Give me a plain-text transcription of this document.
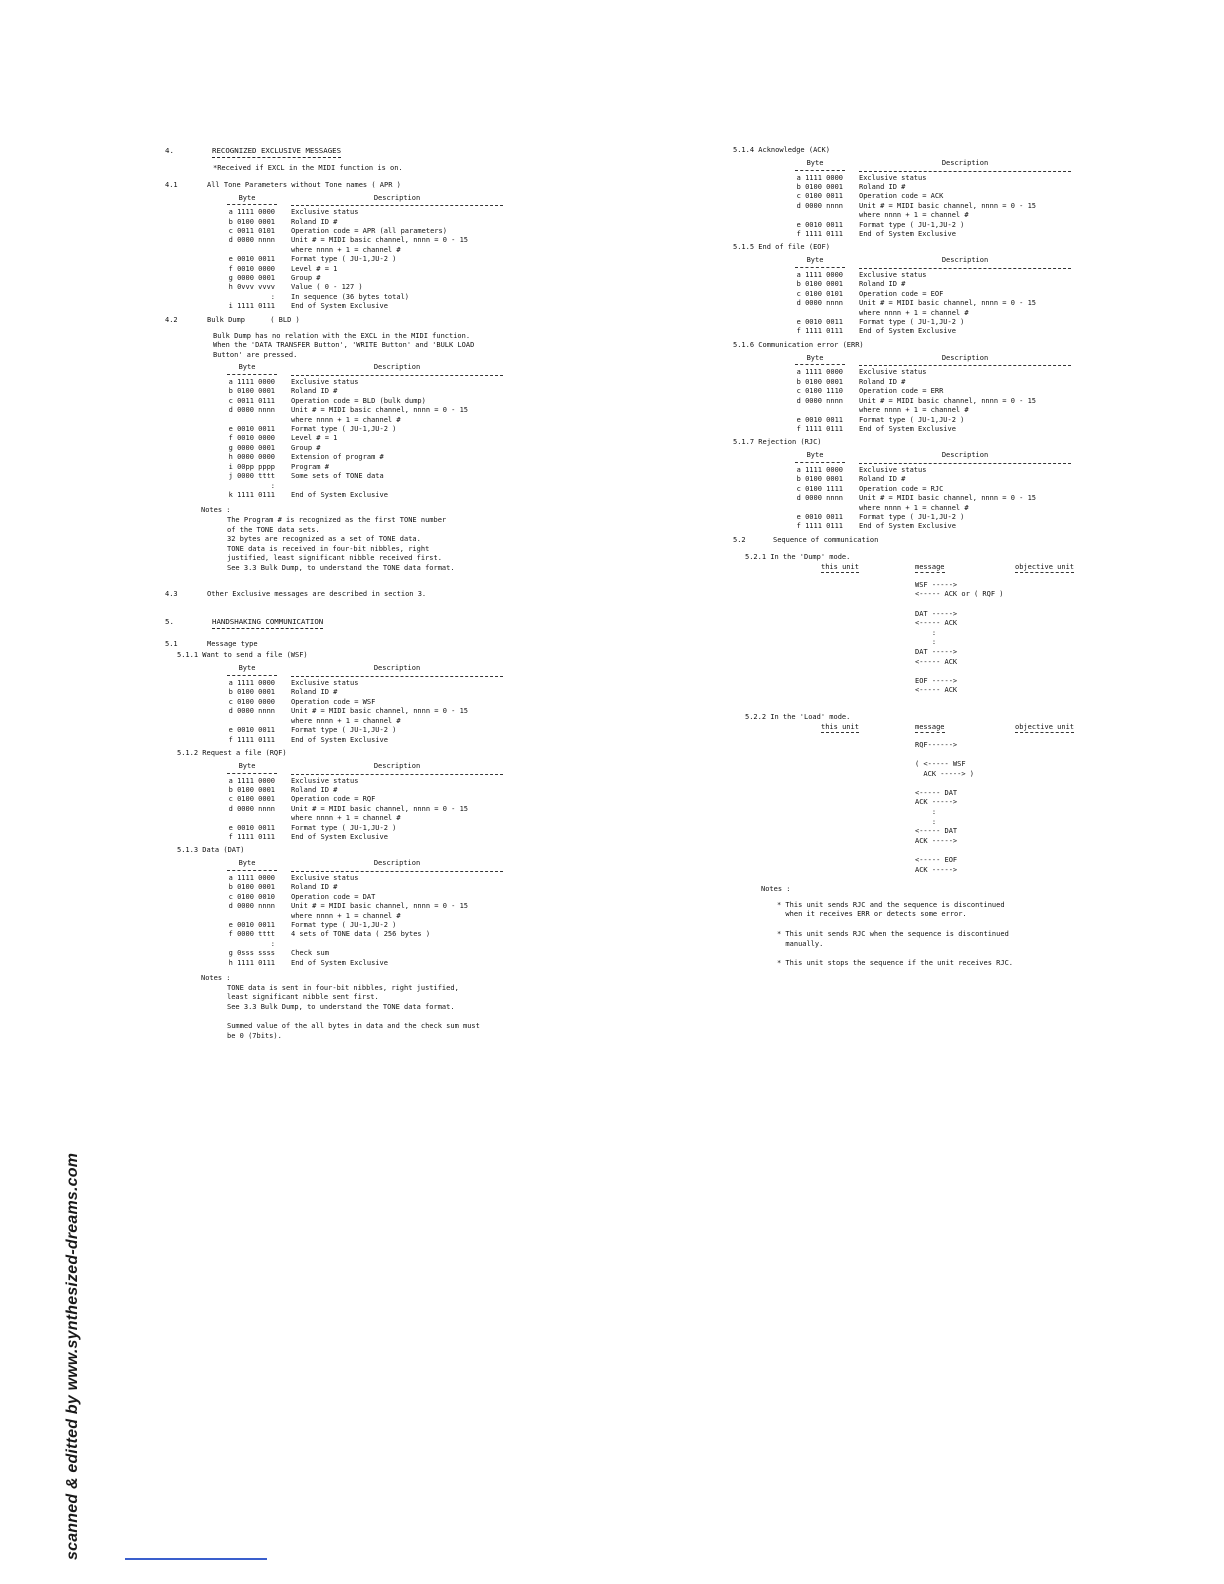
4.	RECOGNIZED EXCLUSIVE MESSAGES
*Received if EXCL in the MIDI function is on.
4.1	All Tone Parameters without Tone names ( APR )
Byte	Description

a 1111 0000	Exclusive status
b 0100 0001	Roland ID #
c 0011 0101	Operation code = APR (all parameters)
d 0000 nnnn	Unit # = MIDI basic channel, nnnn = 0 - 15
	where nnnn + 1 = channel #
e 0010 0011	Format type ( JU-1,JU-2 )
f 0010 0000	Level # = 1
g 0000 0001	Group #
h 0vvv vvvv	Value ( 0 - 127 )
:	In sequence (36 bytes total)
i 1111 0111	End of System Exclusive
4.2	Bulk Dump	( BLD )
Bulk Dump has no relation with the EXCL in the MIDI function.
When the 'DATA TRANSFER Button', 'WRITE Button' and 'BULK LOAD
Button' are pressed.
Byte	Description

a 1111 0000	Exclusive status
b 0100 0001	Roland ID #
c 0011 0111	Operation code = BLD (bulk dump)
d 0000 nnnn	Unit # = MIDI basic channel, nnnn = 0 - 15
	where nnnn + 1 = channel #
e 0010 0011	Format type ( JU-1,JU-2 )
f 0010 0000	Level # = 1
g 0000 0001	Group #
h 0000 0000	Extension of program #
i 00pp pppp	Program #
j 0000 tttt	Some sets of TONE data
:	
k 1111 0111	End of System Exclusive
Notes :
The Program # is recognized as the first TONE number
of the TONE data sets.
32 bytes are recognized as a set of TONE data.
TONE data is received in four-bit nibbles, right
justified, least significant nibble received first.
See 3.3 Bulk Dump, to understand the TONE data format.
4.3	Other Exclusive messages are described in section 3.
5.	HANDSHAKING COMMUNICATION
5.1	Message type
5.1.1 Want to send a file (WSF)
Byte	Description

a 1111 0000	Exclusive status
b 0100 0001	Roland ID #
c 0100 0000	Operation code = WSF
d 0000 nnnn	Unit # = MIDI basic channel, nnnn = 0 - 15
	where nnnn + 1 = channel #
e 0010 0011	Format type ( JU-1,JU-2 )
f 1111 0111	End of System Exclusive
5.1.2 Request a file (RQF)
Byte	Description

a 1111 0000	Exclusive status
b 0100 0001	Roland ID #
c 0100 0001	Operation code = RQF
d 0000 nnnn	Unit # = MIDI basic channel, nnnn = 0 - 15
	where nnnn + 1 = channel #
e 0010 0011	Format type ( JU-1,JU-2 )
f 1111 0111	End of System Exclusive
5.1.3 Data (DAT)
Byte	Description

a 1111 0000	Exclusive status
b 0100 0001	Roland ID #
c 0100 0010	Operation code = DAT
d 0000 nnnn	Unit # = MIDI basic channel, nnnn = 0 - 15
	where nnnn + 1 = channel #
e 0010 0011	Format type ( JU-1,JU-2 )
f 0000 tttt	4 sets of TONE data ( 256 bytes )
:	
g 0sss ssss	Check sum
h 1111 0111	End of System Exclusive
Notes :
TONE data is sent in four-bit nibbles, right justified,
least significant nibble sent first.
See 3.3 Bulk Dump, to understand the TONE data format.

Summed value of the all bytes in data and the check sum must
be 0 (7bits).
5.1.4 Acknowledge (ACK)
Byte	Description

a 1111 0000	Exclusive status
b 0100 0001	Roland ID #
c 0100 0011	Operation code = ACK
d 0000 nnnn	Unit # = MIDI basic channel, nnnn = 0 - 15
	where nnnn + 1 = channel #
e 0010 0011	Format type ( JU-1,JU-2 )
f 1111 0111	End of System Exclusive
5.1.5 End of file (EOF)
Byte	Description

a 1111 0000	Exclusive status
b 0100 0001	Roland ID #
c 0100 0101	Operation code = EOF
d 0000 nnnn	Unit # = MIDI basic channel, nnnn = 0 - 15
	where nnnn + 1 = channel #
e 0010 0011	Format type ( JU-1,JU-2 )
f 1111 0111	End of System Exclusive
5.1.6 Communication error (ERR)
Byte	Description

a 1111 0000	Exclusive status
b 0100 0001	Roland ID #
c 0100 1110	Operation code = ERR
d 0000 nnnn	Unit # = MIDI basic channel, nnnn = 0 - 15
	where nnnn + 1 = channel #
e 0010 0011	Format type ( JU-1,JU-2 )
f 1111 0111	End of System Exclusive
5.1.7 Rejection (RJC)
Byte	Description

a 1111 0000	Exclusive status
b 0100 0001	Roland ID #
c 0100 1111	Operation code = RJC
d 0000 nnnn	Unit # = MIDI basic channel, nnnn = 0 - 15
	where nnnn + 1 = channel #
e 0010 0011	Format type ( JU-1,JU-2 )
f 1111 0111	End of System Exclusive
5.2	Sequence of communication
5.2.1 In the 'Dump' mode.
this unit	message	objective unit
WSF ----->
<----- ACK or ( RQF )
DAT ----->
<----- ACK
:
:
DAT ----->
<----- ACK
EOF ----->
<----- ACK
5.2.2 In the 'Load' mode.
this unit	message	objective unit
RQF------>
( <----- WSF
ACK -----> )
<----- DAT
ACK ----->
:
:
<----- DAT
ACK ----->
<----- EOF
ACK ----->
Notes :
* This unit sends RJC and the sequence is discontinued
when it receives ERR or detects some error.
* This unit sends RJC when the sequence is discontinued
manually.
* This unit stops the sequence if the unit receives RJC.
scanned & editted by www.synthesized-dreams.com
